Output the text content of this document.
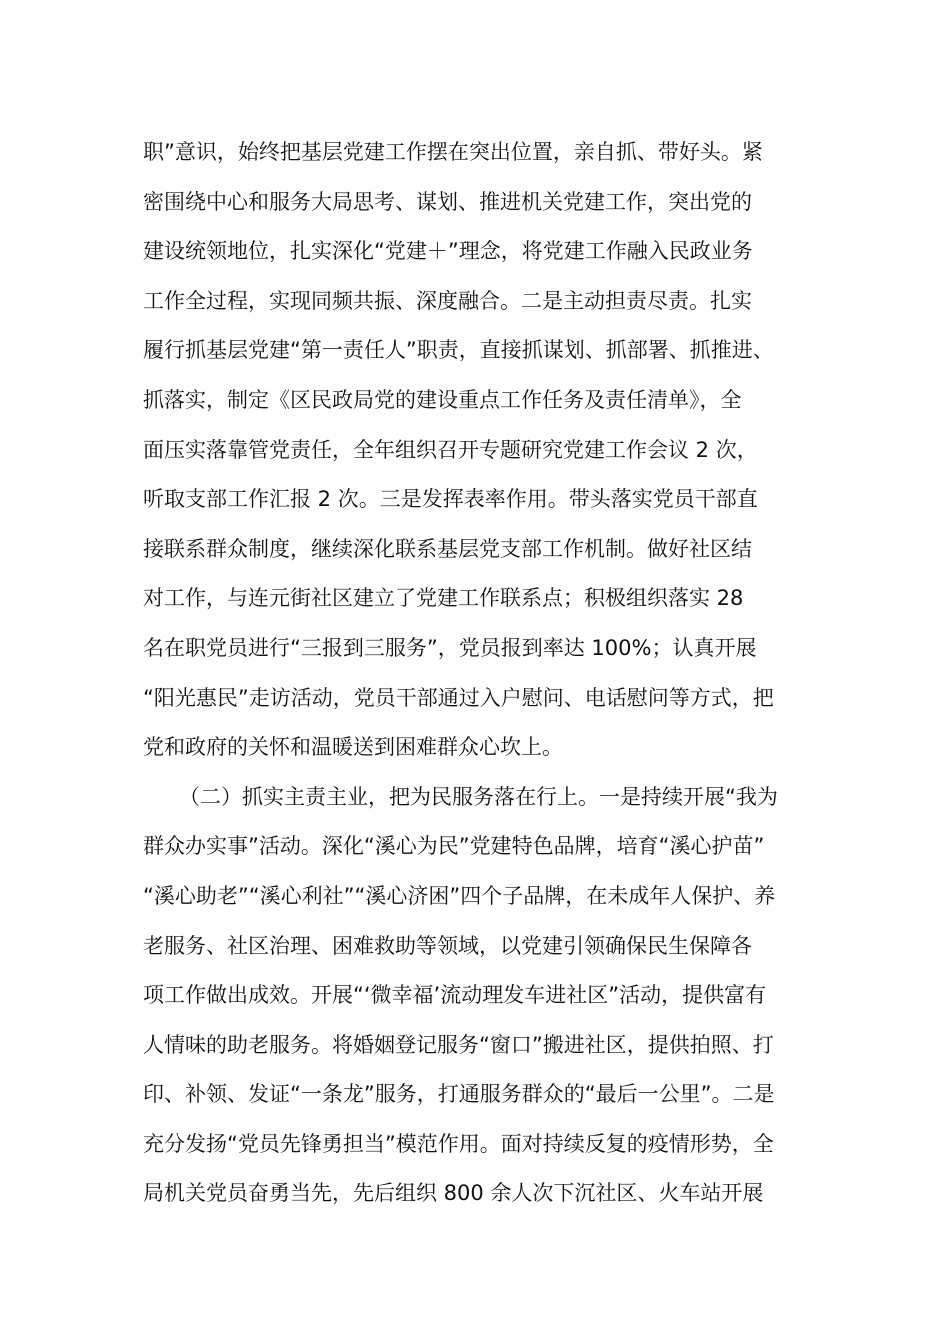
职”意识，始终把基层党建工作摆在突出位置，亲自抓、带好头。紧
密围绕中心和服务大局思考、谋划、推进机关党建工作，突出党的
建设统领地位，扎实深化“党建＋”理念，将党建工作融入民政业务
工作全过程，实现同频共振、深度融合。二是主动担责尽责。扎实
履行抓基层党建“第一责任人”职责，直接抓谋划、抓部署、抓推进、
抓落实，制定《区民政局党的建设重点工作任务及责任清单》，全
面压实落靠管党责任，全年组织召开专题研究党建工作会议 2 次，
听取支部工作汇报 2 次。三是发挥表率作用。带头落实党员干部直
接联系群众制度，继续深化联系基层党支部工作机制。做好社区结
对工作，与连元街社区建立了党建工作联系点；积极组织落实 28
名在职党员进行“三报到三服务”，党员报到率达 100%；认真开展
“阳光惠民”走访活动，党员干部通过入户慰问、电话慰问等方式，把
党和政府的关怀和温暖送到困难群众心坎上。
（二）抓实主责主业，把为民服务落在行上。一是持续开展“我为
群众办实事”活动。深化“溪心为民”党建特色品牌，培育“溪心护苗”
“溪心助老”“溪心利社”“溪心济困”四个子品牌，在未成年人保护、养
老服务、社区治理、困难救助等领域，以党建引领确保民生保障各
项工作做出成效。开展“‘微幸福’流动理发车进社区”活动，提供富有
人情味的助老服务。将婚姻登记服务“窗口”搬进社区，提供拍照、打
印、补领、发证“一条龙”服务，打通服务群众的“最后一公里”。二是
充分发扬“党员先锋勇担当”模范作用。面对持续反复的疫情形势，全
局机关党员奋勇当先，先后组织 800 余人次下沉社区、火车站开展
